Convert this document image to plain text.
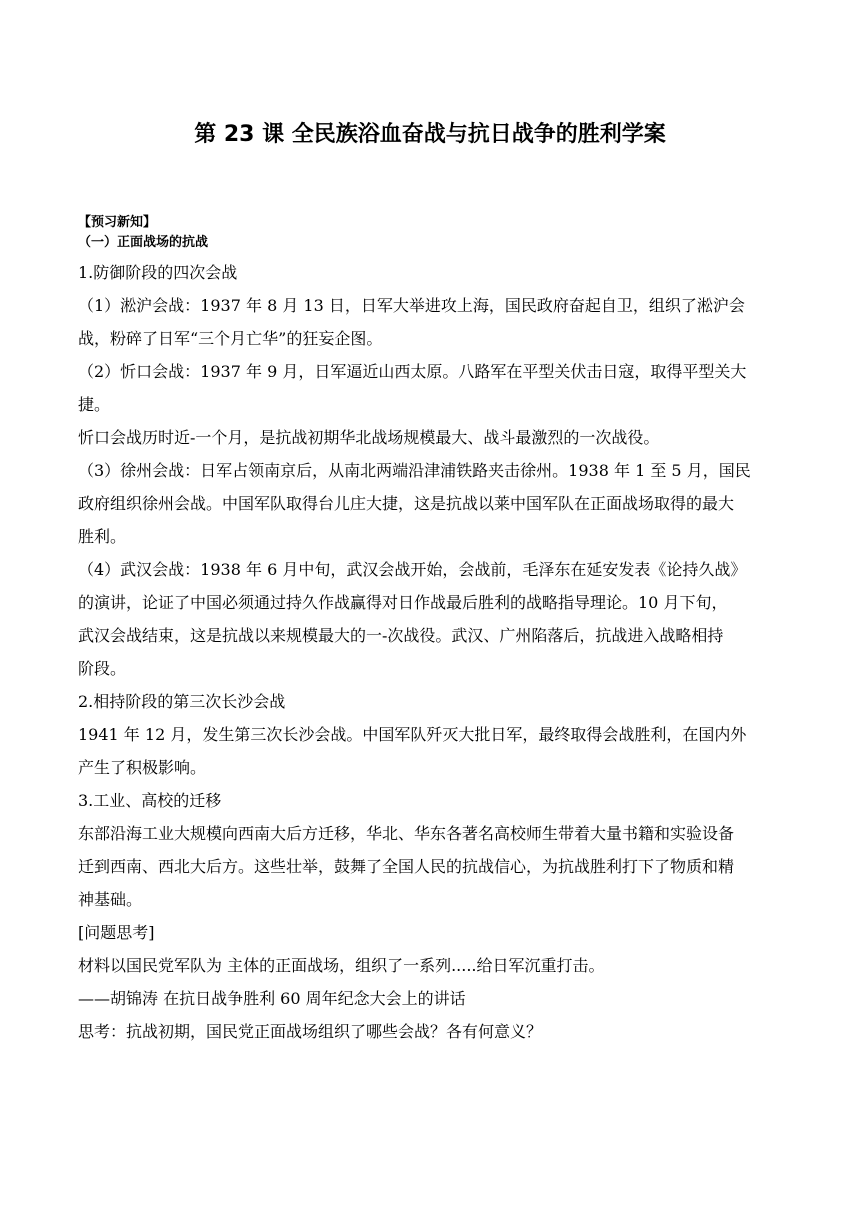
第 23 课 全民族浴血奋战与抗日战争的胜利学案
【预习新知】
（一）正面战场的抗战
1.防御阶段的四次会战
（1）淞沪会战：1937 年 8 月 13 日，日军大举进攻上海，国民政府奋起自卫，组织了淞沪会
战，粉碎了日军“三个月亡华”的狂妄企图。
（2）忻口会战：1937 年 9 月，日军逼近山西太原。八路军在平型关伏击日寇，取得平型关大
捷。
忻口会战历时近-一个月，是抗战初期华北战场规模最大、战斗最激烈的一次战役。
（3）徐州会战：日军占领南京后，从南北两端沿津浦铁路夹击徐州。1938 年 1 至 5 月，国民
政府组织徐州会战。中国军队取得台儿庄大捷，这是抗战以莱中国军队在正面战场取得的最大
胜利。
（4）武汉会战：1938 年 6 月中旬，武汉会战开始，会战前，毛泽东在延安发表《论持久战》
的演讲，论证了中国必须通过持久作战赢得对日作战最后胜利的战略指导理论。10 月下旬，
武汉会战结束，这是抗战以来规模最大的一-次战役。武汉、广州陷落后，抗战进入战略相持
阶段。
2.相持阶段的第三次长沙会战
1941 年 12 月，发生第三次长沙会战。中国军队歼灭大批日军，最终取得会战胜利，在国内外
产生了积极影响。
3.工业、高校的迁移
东部沿海工业大规模向西南大后方迁移，华北、华东各著名高校师生带着大量书籍和实验设备
迁到西南、西北大后方。这些壮举，鼓舞了全国人民的抗战信心，为抗战胜利打下了物质和精
神基础。
[问题思考]
材料以国民党军队为 主体的正面战场，组织了一系列.....给日军沉重打击。
——胡锦涛 在抗日战争胜利 60 周年纪念大会上的讲话
思考：抗战初期，国民党正面战场组织了哪些会战？各有何意义？
